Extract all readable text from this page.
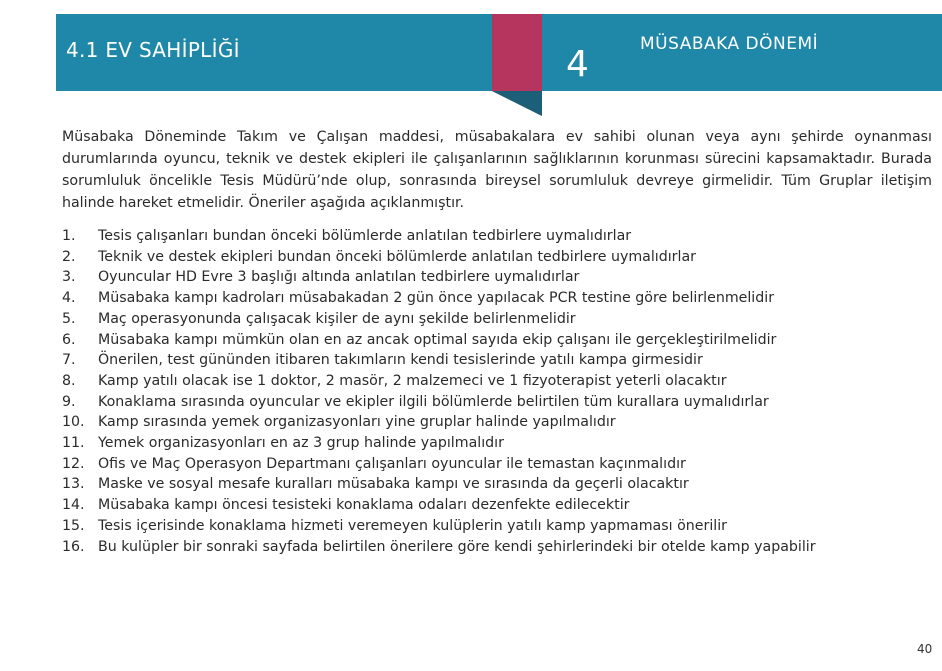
4.1 EV SAHİPLİĞİ	4	MÜSABAKA DÖNEMİ

Müsabaka Döneminde Takım ve Çalışan maddesi, müsabakalara ev sahibi olunan veya aynı şehirde oynanması durumlarında oyuncu, teknik ve destek ekipleri ile çalışanlarının sağlıklarının korunması sürecini kapsamaktadır. Burada sorumluluk öncelikle Tesis Müdürü’nde olup, sonrasında bireysel sorumluluk devreye girmelidir. Tüm Gruplar iletişim halinde hareket etmelidir. Öneriler aşağıda açıklanmıştır.

1.	Tesis çalışanları bundan önceki bölümlerde anlatılan tedbirlere uymalıdırlar
2.	Teknik ve destek ekipleri bundan önceki bölümlerde anlatılan tedbirlere uymalıdırlar
3.	Oyuncular HD Evre 3 başlığı altında anlatılan tedbirlere uymalıdırlar
4.	Müsabaka kampı kadroları müsabakadan 2 gün önce yapılacak PCR testine göre belirlenmelidir
5.	Maç operasyonunda çalışacak kişiler de aynı şekilde belirlenmelidir
6.	Müsabaka kampı mümkün olan en az ancak optimal sayıda ekip çalışanı ile gerçekleştirilmelidir
7.	Önerilen, test gününden itibaren takımların kendi tesislerinde yatılı kampa girmesidir
8.	Kamp yatılı olacak ise 1 doktor, 2 masör, 2 malzemeci ve 1 fizyoterapist yeterli olacaktır
9.	Konaklama sırasında oyuncular ve ekipler ilgili bölümlerde belirtilen tüm kurallara uymalıdırlar
10. Kamp sırasında yemek organizasyonları yine gruplar halinde yapılmalıdır
11. Yemek organizasyonları en az 3 grup halinde yapılmalıdır
12. Ofis ve Maç Operasyon Departmanı çalışanları oyuncular ile temastan kaçınmalıdır
13. Maske ve sosyal mesafe kuralları müsabaka kampı ve sırasında da geçerli olacaktır
14. Müsabaka kampı öncesi tesisteki konaklama odaları dezenfekte edilecektir
15. Tesis içerisinde konaklama hizmeti veremeyen kulüplerin yatılı kamp yapmaması önerilir
16. Bu kulüpler bir sonraki sayfada belirtilen önerilere göre kendi şehirlerindeki bir otelde kamp yapabilir
40
